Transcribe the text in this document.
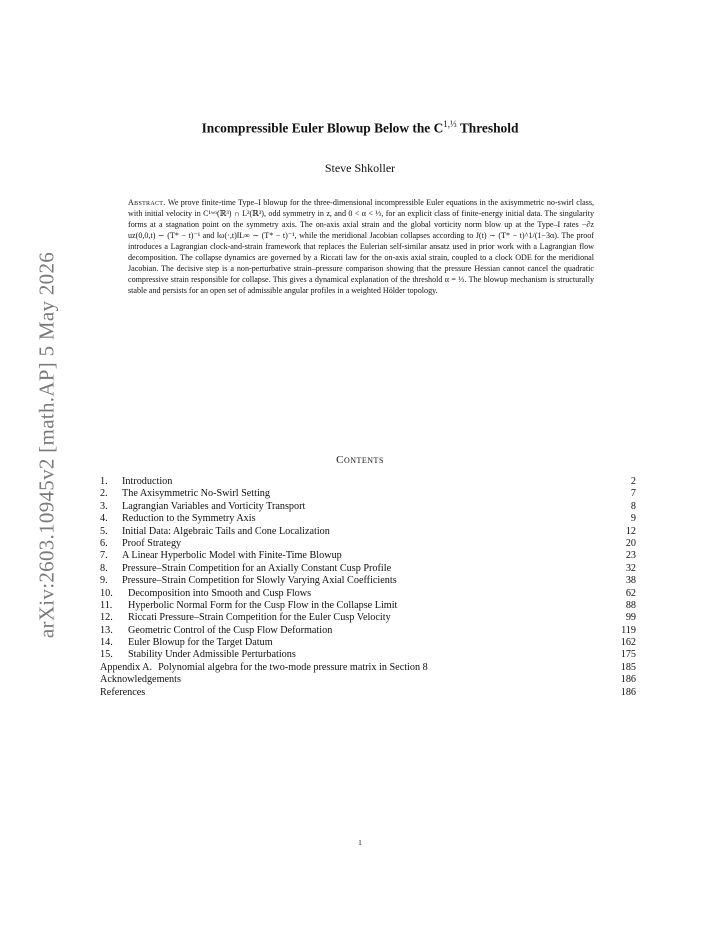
arXiv:2603.10945v2 [math.AP] 5 May 2026
Incompressible Euler Blowup Below the $C^{1,\frac{1}{3}}$ Threshold
Steve Shkoller
Abstract. We prove finite-time Type–I blowup for the three-dimensional incompressible Euler equations in the axisymmetric no-swirl class, with initial velocity in C¹ʷᵅ(ℝ³) ∩ L²(ℝ³), odd symmetry in z, and 0 < α < ⅓, for an explicit class of finite-energy initial data. The singularity forms at a stagnation point on the symmetry axis. The on-axis axial strain and the global vorticity norm blow up at the Type–I rates −∂z uz(0,0,t) ∼ (T* − t)⁻¹ and ‖ω(·,t)‖L∞ ∼ (T* − t)⁻¹, while the meridional Jacobian collapses according to J(t) ∼ (T* − t)^1/(1−3α). The proof introduces a Lagrangian clock-and-strain framework that replaces the Eulerian self-similar ansatz used in prior work with a Lagrangian flow decomposition. The collapse dynamics are governed by a Riccati law for the on-axis axial strain, coupled to a clock ODE for the meridional Jacobian. The decisive step is a non-perturbative strain–pressure comparison showing that the pressure Hessian cannot cancel the quadratic compressive strain responsible for collapse. This gives a dynamical explanation of the threshold α = ⅓. The blowup mechanism is structurally stable and persists for an open set of admissible angular profiles in a weighted Hölder topology.
Contents
1.	Introduction	2
2.	The Axisymmetric No-Swirl Setting	7
3.	Lagrangian Variables and Vorticity Transport	8
4.	Reduction to the Symmetry Axis	9
5.	Initial Data: Algebraic Tails and Cone Localization	12
6.	Proof Strategy	20
7.	A Linear Hyperbolic Model with Finite-Time Blowup	23
8.	Pressure–Strain Competition for an Axially Constant Cusp Profile	32
9.	Pressure–Strain Competition for Slowly Varying Axial Coefficients	38
10.	Decomposition into Smooth and Cusp Flows	62
11.	Hyperbolic Normal Form for the Cusp Flow in the Collapse Limit	88
12.	Riccati Pressure–Strain Competition for the Euler Cusp Velocity	99
13.	Geometric Control of the Cusp Flow Deformation	119
14.	Euler Blowup for the Target Datum	162
15.	Stability Under Admissible Perturbations	175
Appendix A. Polynomial algebra for the two-mode pressure matrix in Section 8	185
Acknowledgements	186
References	186
1
